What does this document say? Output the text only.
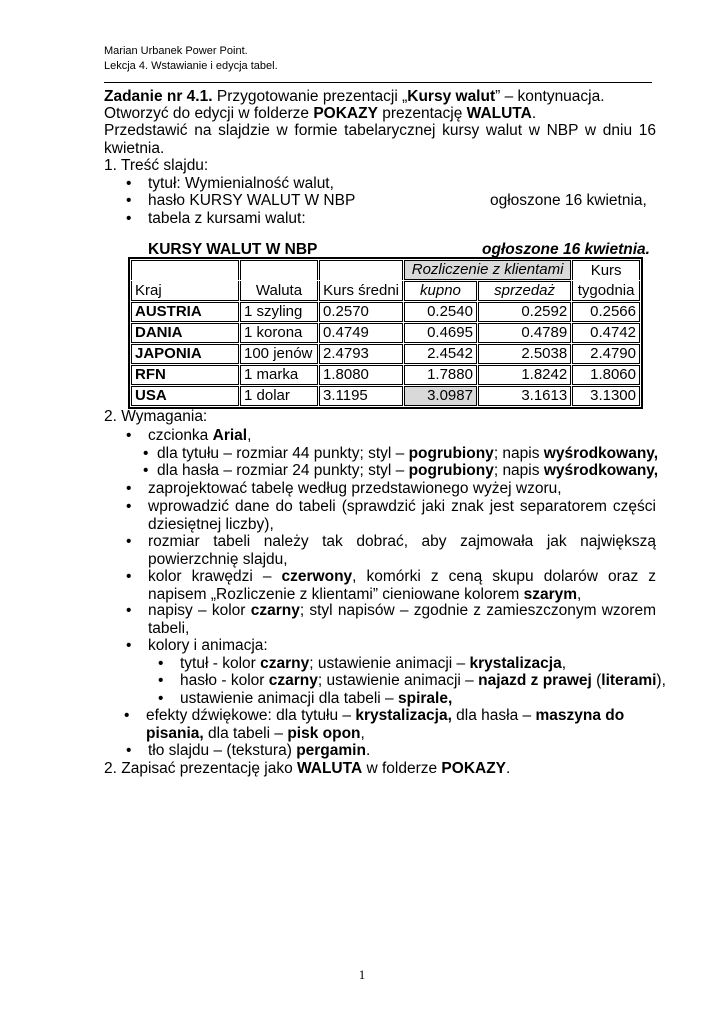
Marian Urbanek Power Point.
Lekcja 4. Wstawianie i edycja tabel.
Zadanie nr 4.1. Przygotowanie prezentacji „Kursy walut” – kontynuacja.
Otworzyć do edycji w folderze POKAZY prezentację WALUTA.
Przedstawić na slajdzie w formie tabelarycznej kursy walut w NBP w dniu 16 kwietnia.
1. Treść slajdu:
• tytuł: Wymienialność walut,
• hasło KURSY WALUT W NBP	ogłoszone 16 kwietnia,
• tabela z kursami walut:
KURSY WALUT W NBP	ogłoszone 16 kwietnia.
			Rozliczenie z klientami		Kurs
Kraj	Waluta	Kurs średni	kupno	sprzedaż	tygodnia
AUSTRIA	1 szyling	0.2570	0.2540	0.2592	0.2566
DANIA	1 korona	0.4749	0.4695	0.4789	0.4742
JAPONIA	100 jenów	2.4793	2.4542	2.5038	2.4790
RFN	1 marka	1.8080	1.7880	1.8242	1.8060
USA	1 dolar	3.1195	3.0987	3.1613	3.1300
2. Wymagania:
• czcionka Arial,
• dla tytułu – rozmiar 44 punkty; styl – pogrubiony; napis wyśrodkowany,
• dla hasła – rozmiar 24 punkty; styl – pogrubiony; napis wyśrodkowany,
• zaprojektować tabelę według przedstawionego wyżej wzoru,
• wprowadzić dane do tabeli (sprawdzić jaki znak jest separatorem części dziesiętnej liczby),
• rozmiar tabeli należy tak dobrać, aby zajmowała jak największą powierzchnię slajdu,
• kolor krawędzi – czerwony, komórki z ceną skupu dolarów oraz z napisem „Rozliczenie z klientami” cieniowane kolorem szarym,
• napisy – kolor czarny; styl napisów – zgodnie z zamieszczonym wzorem tabeli,
• kolory i animacja:
• tytuł - kolor czarny; ustawienie animacji – krystalizacja,
• hasło - kolor czarny; ustawienie animacji – najazd z prawej (literami),
• ustawienie animacji dla tabeli – spirale,
• efekty dźwiękowe: dla tytułu – krystalizacja, dla hasła – maszyna do pisania, dla tabeli – pisk opon,
• tło slajdu – (tekstura) pergamin.
2. Zapisać prezentację jako WALUTA w folderze POKAZY.
1
